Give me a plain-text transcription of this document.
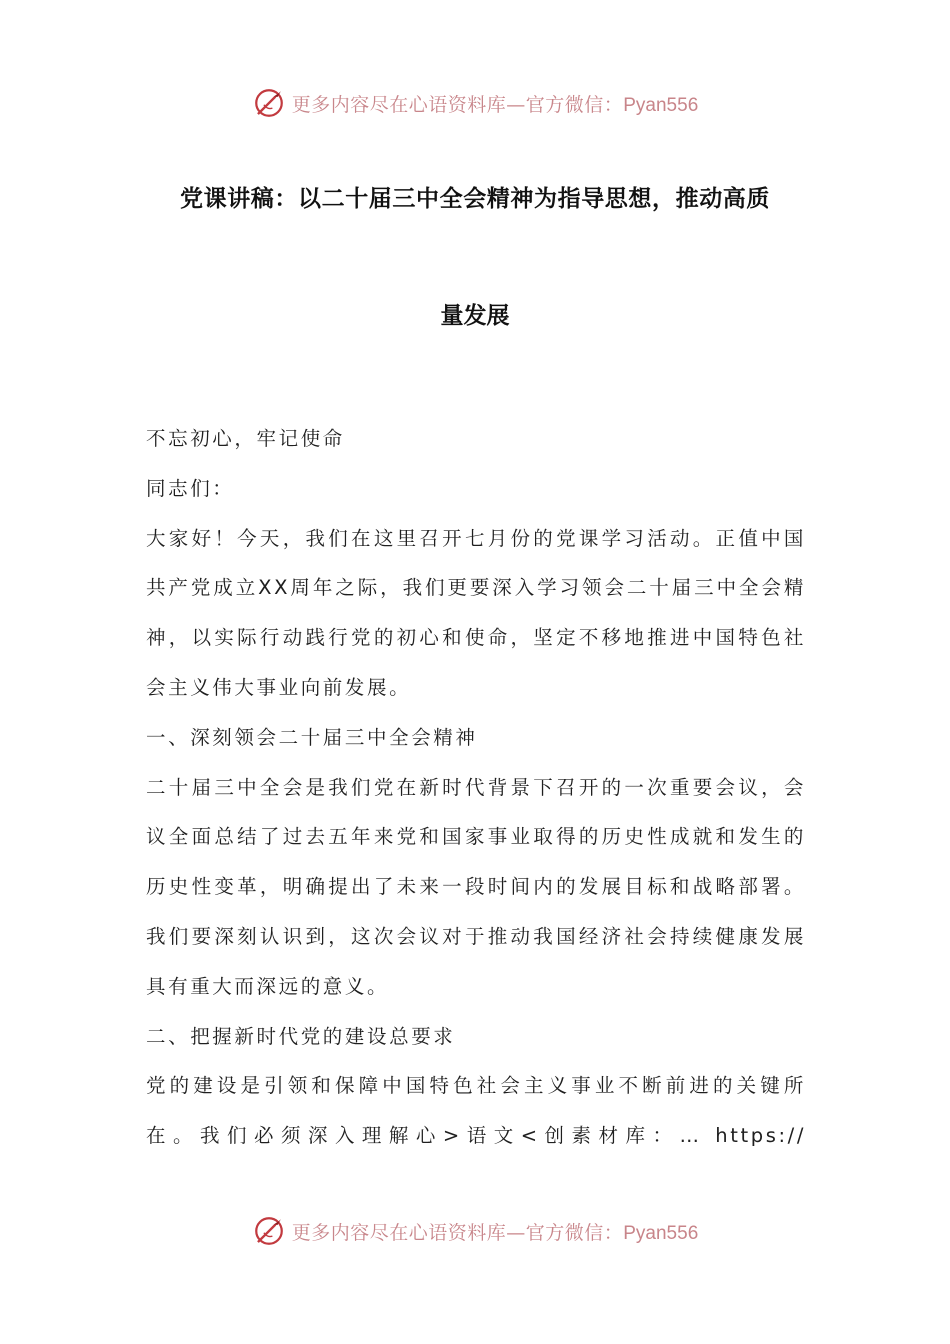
更多内容尽在心语资料库—官方微信：Pyan556
党课讲稿：以二十届三中全会精神为指导思想，推动高质
量发展

不忘初心，牢记使命

同志们：

大家好！今天，我们在这里召开七月份的党课学习活动。正值中国共产党成立XX周年之际，我们更要深入学习领会二十届三中全会精神，以实际行动践行党的初心和使命，坚定不移地推进中国特色社会主义伟大事业向前发展。

一、深刻领会二十届三中全会精神

二十届三中全会是我们党在新时代背景下召开的一次重要会议，会议全面总结了过去五年来党和国家事业取得的历史性成就和发生的历史性变革，明确提出了未来一段时间内的发展目标和战略部署。我们要深刻认识到，这次会议对于推动我国经济社会持续健康发展具有重大而深远的意义。

二、把握新时代党的建设总要求

党的建设是引领和保障中国特色社会主义事业不断前进的关键所在。我们必须深入理解心>语文<创素材库：… https://

更多内容尽在心语资料库—官方微信：Pyan556
